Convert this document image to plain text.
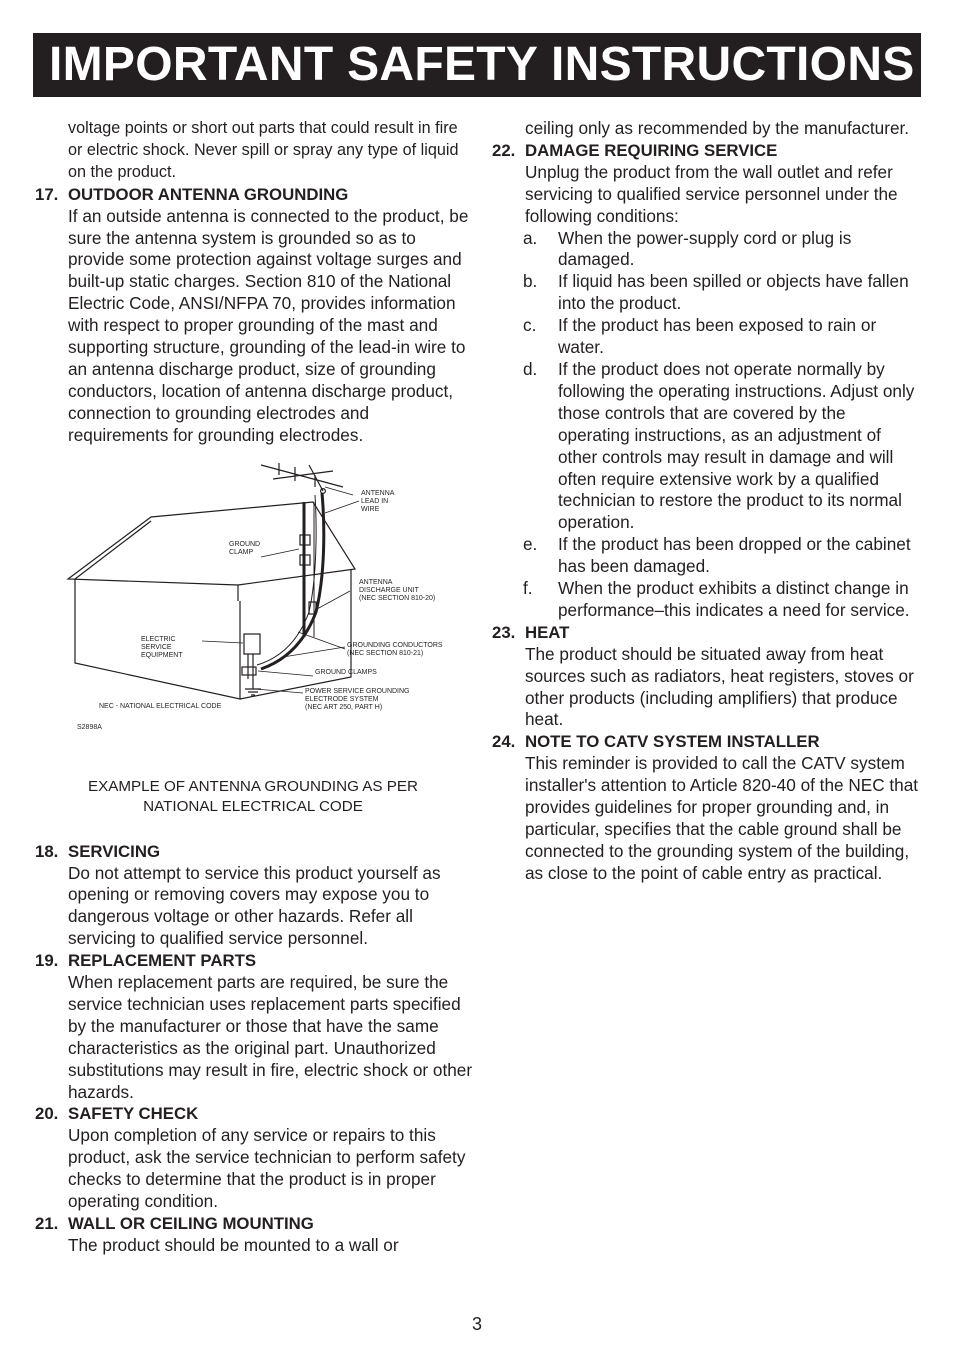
IMPORTANT SAFETY INSTRUCTIONS
voltage points or short out parts that could result in fire or electric shock. Never spill or spray any type of liquid on the product.
17. OUTDOOR ANTENNA GROUNDING
If an outside antenna is connected to the product, be sure the antenna system is grounded so as to provide some protection against voltage surges and built-up static charges. Section 810 of the National Electric Code, ANSI/NFPA 70, provides information with respect to proper grounding of the mast and supporting structure, grounding of the lead-in wire to an antenna discharge product, size of grounding conductors, location of antenna discharge product, connection to grounding electrodes and requirements for grounding electrodes.
ANTENNA
LEAD IN
WIRE
GROUND
CLAMP
ANTENNA
DISCHARGE UNIT
(NEC SECTION 810-20)
ELECTRIC
SERVICE
EQUIPMENT
GROUNDING CONDUCTORS
(NEC SECTION 810-21)
GROUND CLAMPS
POWER SERVICE GROUNDING
ELECTRODE SYSTEM
(NEC ART 250, PART H)
NEC - NATIONAL ELECTRICAL CODE
S2898A
EXAMPLE OF ANTENNA GROUNDING AS PER
NATIONAL ELECTRICAL CODE
18. SERVICING
Do not attempt to service this product yourself as opening or removing covers may expose you to dangerous voltage or other hazards. Refer all servicing to qualified service personnel.
19. REPLACEMENT PARTS
When replacement parts are required, be sure the service technician uses replacement parts specified by the manufacturer or those that have the same characteristics as the original part. Unauthorized substitutions may result in fire, electric shock or other hazards.
20. SAFETY CHECK
Upon completion of any service or repairs to this product, ask the service technician to perform safety checks to determine that the product is in proper operating condition.
21. WALL OR CEILING MOUNTING
The product should be mounted to a wall or
ceiling only as recommended by the manufacturer.
22. DAMAGE REQUIRING SERVICE
Unplug the product from the wall outlet and refer servicing to qualified service personnel under the following conditions:
a. When the power-supply cord or plug is damaged.
b. If liquid has been spilled or objects have fallen into the product.
c. If the product has been exposed to rain or water.
d. If the product does not operate normally by following the operating instructions. Adjust only those controls that are covered by the operating instructions, as an adjustment of other controls may result in damage and will often require extensive work by a qualified technician to restore the product to its normal operation.
e. If the product has been dropped or the cabinet has been damaged.
f. When the product exhibits a distinct change in performance–this indicates a need for service.
23. HEAT
The product should be situated away from heat sources such as radiators, heat registers, stoves or other products (including amplifiers) that produce heat.
24. NOTE TO CATV SYSTEM INSTALLER
This reminder is provided to call the CATV system installer's attention to Article 820-40 of the NEC that provides guidelines for proper grounding and, in particular, specifies that the cable ground shall be connected to the grounding system of the building, as close to the point of cable entry as practical.
3
